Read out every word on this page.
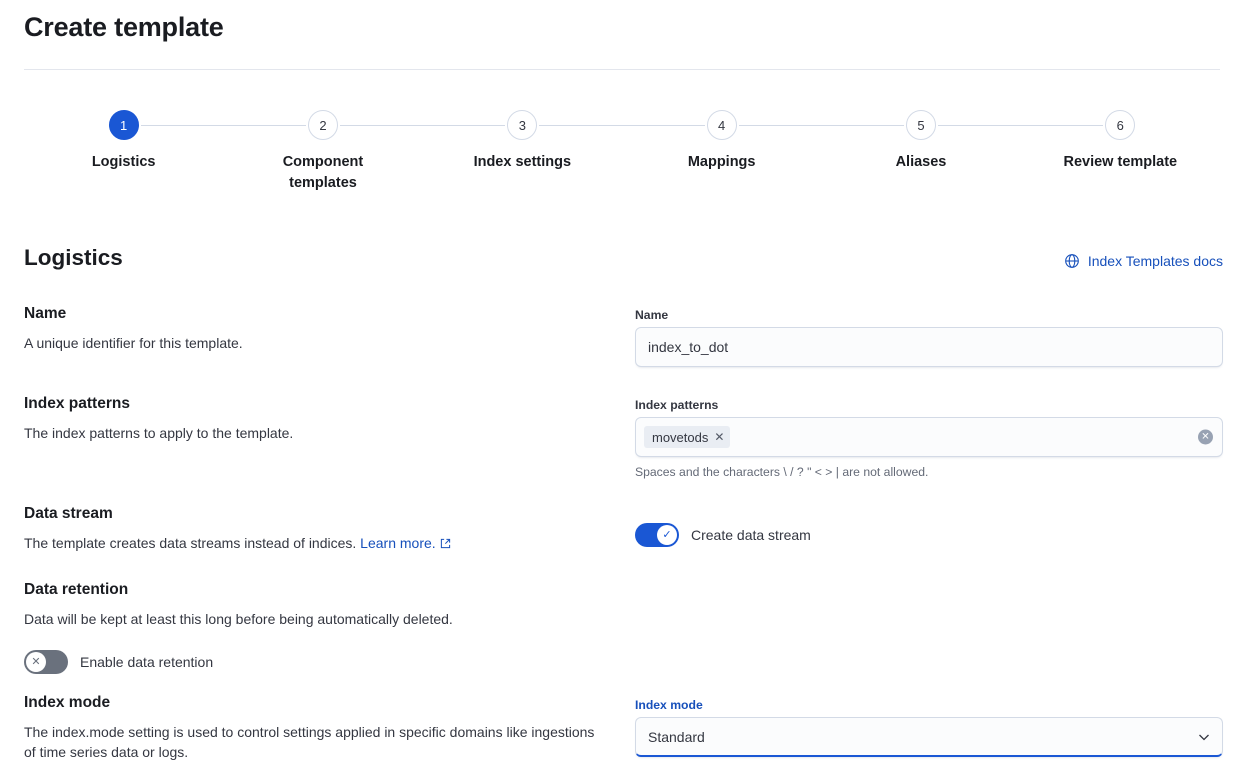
Create template
1
Logistics
2
Component templates
3
Index settings
4
Mappings
5
Aliases
6
Review template
Logistics	Index Templates docs
Name
A unique identifier for this template.
Name
index_to_dot
Index patterns
The index patterns to apply to the template.
Index patterns
movetods ✕	✕
Spaces and the characters \ / ? " < > | are not allowed.
Data stream
The template creates data streams instead of indices. Learn more.
✓	Create data stream
Data retention
Data will be kept at least this long before being automatically deleted.
✕	Enable data retention
Index mode
The index.mode setting is used to control settings applied in specific domains like ingestions of time series data or logs.
Index mode
Standard
